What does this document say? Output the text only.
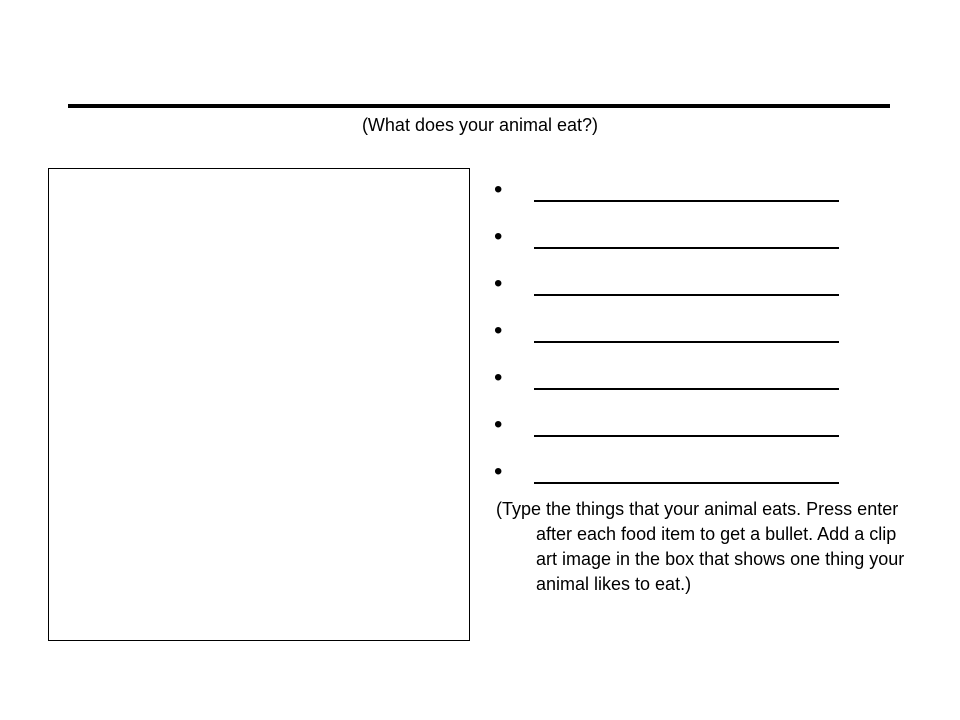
(What does your animal eat?)
•
•
•
•
•
•
•

(Type the things that your animal eats. Press enter after each food item to get a bullet. Add a clip art image in the box that shows one thing your animal likes to eat.)
